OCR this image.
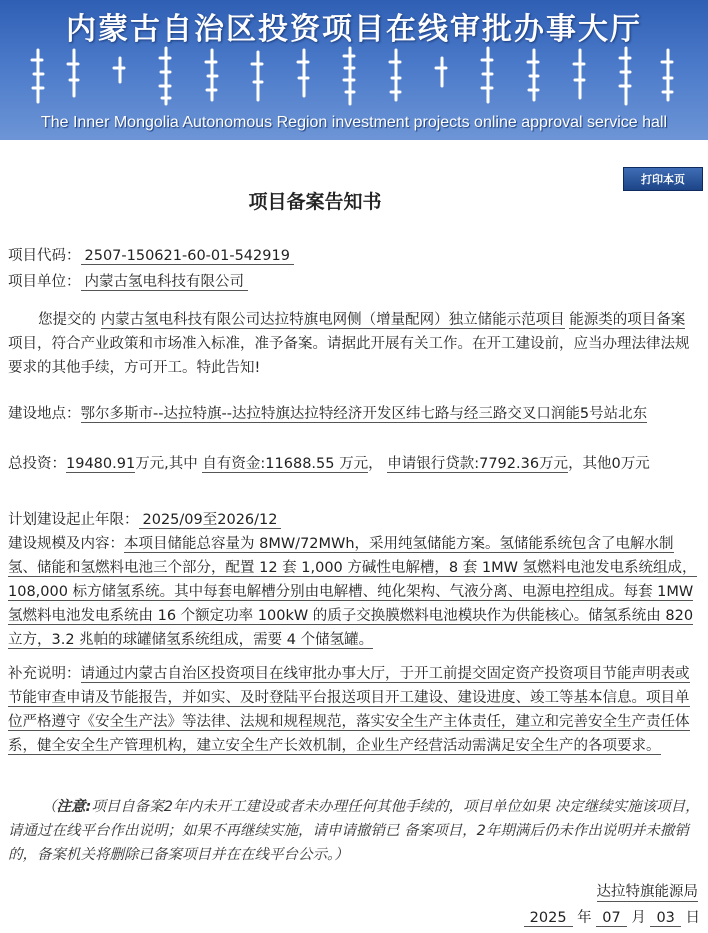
内蒙古自治区投资项目在线审批办事大厅
The Inner Mongolia Autonomous Region investment projects online approval service hall
打印本页
项目备案告知书
项目代码： 2507-150621-60-01-542919
项目单位： 内蒙古氢电科技有限公司
您提交的 内蒙古氢电科技有限公司达拉特旗电网侧（增量配网）独立储能示范项目 能源类的项目备案 项目，符合产业政策和市场准入标准，准予备案。请据此开展有关工作。在开工建设前，应当办理法律法规要求的其他手续，方可开工。特此告知!
建设地点：鄂尔多斯市--达拉特旗--达拉特旗达拉特经济开发区纬七路与经三路交叉口润能5号站北东
总投资：19480.91万元,其中 自有资金:11688.55 万元， 申请银行贷款:7792.36万元，其他0万元
计划建设起止年限： 2025/09至2026/12
建设规模及内容：本项目储能总容量为 8MW/72MWh，采用纯氢储能方案。氢储能系统包含了电解水制氢、储能和氢燃料电池三个部分，配置 12 套 1,000 方碱性电解槽，8 套 1MW 氢燃料电池发电系统组成，108,000 标方储氢系统。其中每套电解槽分别由电解槽、纯化架构、气液分离、电源电控组成。每套 1MW 氢燃料电池发电系统由 16 个额定功率 100kW 的质子交换膜燃料电池模块作为供能核心。储氢系统由 820 立方，3.2 兆帕的球罐储氢系统组成，需要 4 个储氢罐。
补充说明：请通过内蒙古自治区投资项目在线审批办事大厅，于开工前提交固定资产投资项目节能声明表或节能审查申请及节能报告，并如实、及时登陆平台报送项目开工建设、建设进度、竣工等基本信息。项目单位严格遵守《安全生产法》等法律、法规和规程规范，落实安全生产主体责任，建立和完善安全生产责任体系，健全安全生产管理机构，建立安全生产长效机制，企业生产经营活动需满足安全生产的各项要求。
（注意:项目自备案2年内未开工建设或者未办理任何其他手续的，项目单位如果 决定继续实施该项目，请通过在线平台作出说明；如果不再继续实施，请申请撤销已 备案项目，2年期满后仍未作出说明并未撤销的，备案机关将删除已备案项目并在在线平台公示。）
达拉特旗能源局
2025 年 07 月 03 日
